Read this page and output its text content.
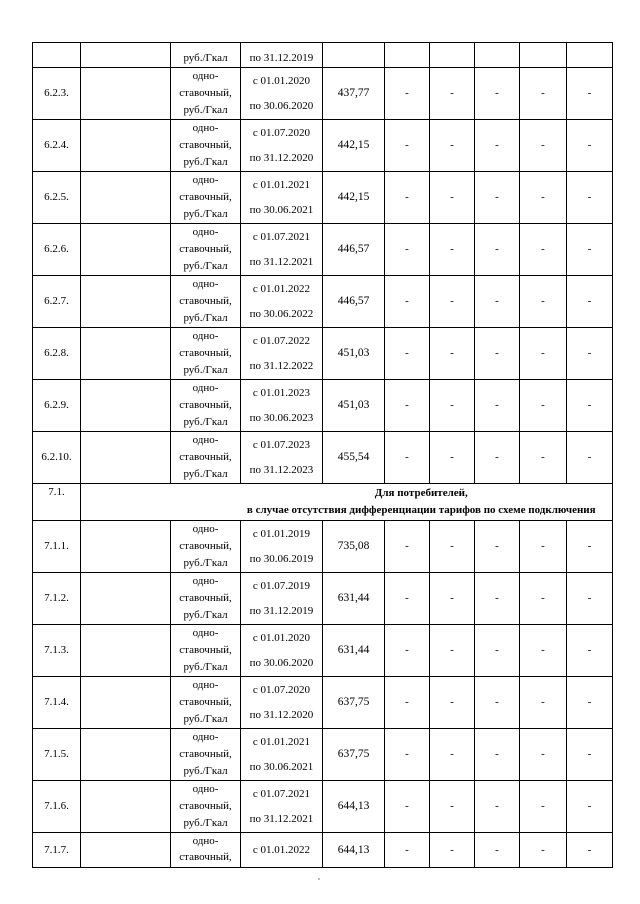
		руб./Гкал	по 31.12.2019						
6.2.3.		одно-
ставочный,
руб./Гкал	с 01.01.2020
по 30.06.2020	437,77	-	-	-	-	-
6.2.4.		одно-
ставочный,
руб./Гкал	с 01.07.2020
по 31.12.2020	442,15	-	-	-	-	-
6.2.5.		одно-
ставочный,
руб./Гкал	с 01.01.2021
по 30.06.2021	442,15	-	-	-	-	-
6.2.6.		одно-
ставочный,
руб./Гкал	с 01.07.2021
по 31.12.2021	446,57	-	-	-	-	-
6.2.7.		одно-
ставочный,
руб./Гкал	с 01.01.2022
по 30.06.2022	446,57	-	-	-	-	-
6.2.8.		одно-
ставочный,
руб./Гкал	с 01.07.2022
по 31.12.2022	451,03	-	-	-	-	-
6.2.9.		одно-
ставочный,
руб./Гкал	с 01.01.2023
по 30.06.2023	451,03	-	-	-	-	-
6.2.10.		одно-
ставочный,
руб./Гкал	с 01.07.2023
по 31.12.2023	455,54	-	-	-	-	-
7.1.		Для потребителей,
в случае отсутствия дифференциации тарифов по схеме подключения							

7.1.1.		одно-
ставочный,
руб./Гкал	с 01.01.2019
по 30.06.2019	735,08	-	-	-	-	-
7.1.2.		одно-
ставочный,
руб./Гкал	с 01.07.2019
по 31.12.2019	631,44	-	-	-	-	-
7.1.3.		одно-
ставочный,
руб./Гкал	с 01.01.2020
по 30.06.2020	631,44	-	-	-	-	-
7.1.4.		одно-
ставочный,
руб./Гкал	с 01.07.2020
по 31.12.2020	637,75	-	-	-	-	-
7.1.5.		одно-
ставочный,
руб./Гкал	с 01.01.2021
по 30.06.2021	637,75	-	-	-	-	-
7.1.6.		одно-
ставочный,
руб./Гкал	с 01.07.2021
по 31.12.2021	644,13	-	-	-	-	-
7.1.7.		одно-
ставочный,	с 01.01.2022	644,13	-	-	-	-	-
